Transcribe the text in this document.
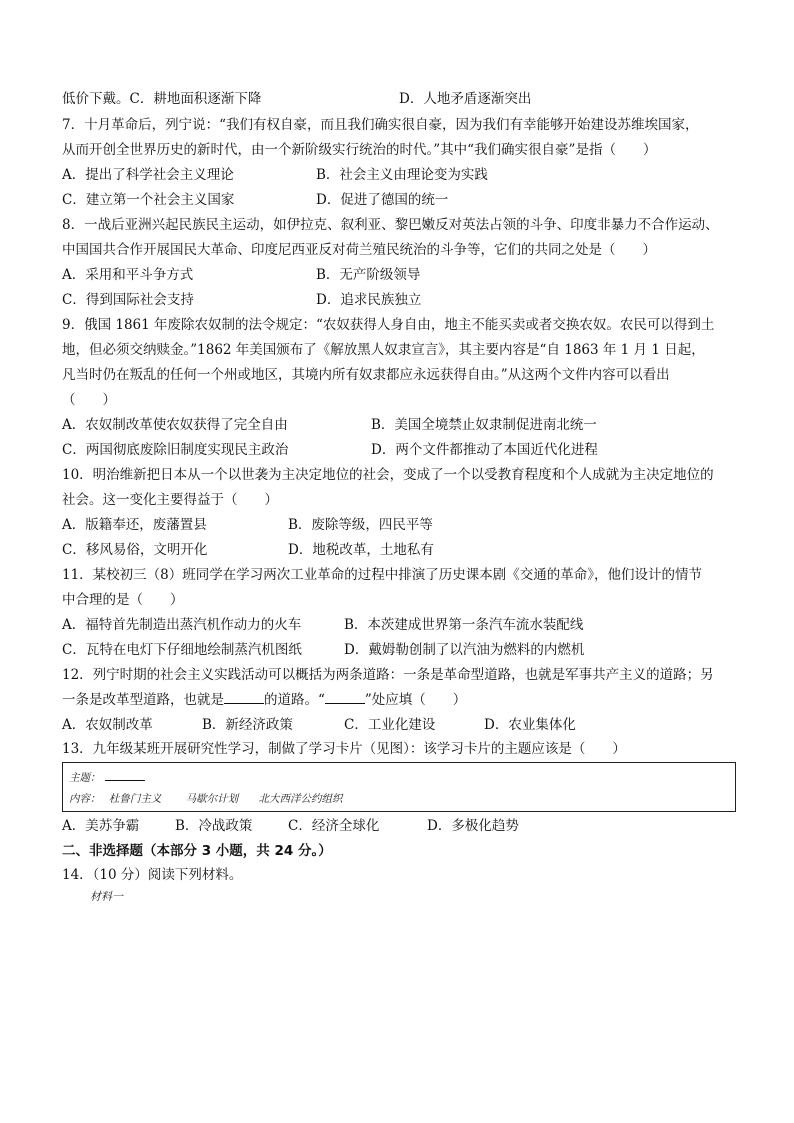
低价下戴。C．耕地面积逐渐下降	D．人地矛盾逐渐突出
7．十月革命后，列宁说：“我们有权自豪，而且我们确实很自豪，因为我们有幸能够开始建设苏维埃国家，
从而开创全世界历史的新时代，由一个新阶级实行统治的时代。”其中“我们确实很自豪”是指（　　）
A．提出了科学社会主义理论	B．社会主义由理论变为实践
C．建立第一个社会主义国家	D．促进了德国的统一
8．一战后亚洲兴起民族民主运动，如伊拉克、叙利亚、黎巴嫩反对英法占领的斗争、印度非暴力不合作运动、
中国国共合作开展国民大革命、印度尼西亚反对荷兰殖民统治的斗争等，它们的共同之处是（　　）
A．采用和平斗争方式	B．无产阶级领导
C．得到国际社会支持	D．追求民族独立
9．俄国 1861 年废除农奴制的法令规定：“农奴获得人身自由，地主不能买卖或者交换农奴。农民可以得到土
地，但必须交纳赎金。”1862 年美国颁布了《解放黑人奴隶宣言》，其主要内容是“自 1863 年 1 月 1 日起，
凡当时仍在叛乱的任何一个州或地区，其境内所有奴隶都应永远获得自由。”从这两个文件内容可以看出
（　　）
A．农奴制改革使农奴获得了完全自由	B．美国全境禁止奴隶制促进南北统一
C．两国彻底废除旧制度实现民主政治	D．两个文件都推动了本国近代化进程
10．明治维新把日本从一个以世袭为主决定地位的社会，变成了一个以受教育程度和个人成就为主决定地位的
社会。这一变化主要得益于（　　）
A．版籍奉还，废藩置县	B．废除等级，四民平等
C．移风易俗，文明开化	D．地税改革，土地私有
11．某校初三（8）班同学在学习两次工业革命的过程中排演了历史课本剧《交通的革命》，他们设计的情节
中合理的是（　　）
A．福特首先制造出蒸汽机作动力的火车	B．本茨建成世界第一条汽车流水装配线
C．瓦特在电灯下仔细地绘制蒸汽机图纸	D．戴姆勒创制了以汽油为燃料的内燃机
12．列宁时期的社会主义实践活动可以概括为两条道路：一条是革命型道路，也就是军事共产主义的道路；另
一条是改革型道路，也就是	的道路。“	”处应填（　　）
A．农奴制改革	B．新经济政策	C．工业化建设	D．农业集体化
13．九年级某班开展研究性学习，制做了学习卡片（见图）：该学习卡片的主题应该是（　　）
主题：
内容： 杜鲁门主义 马歇尔计划 北大西洋公约组织
A．美苏争霸	B．冷战政策	C．经济全球化	D．多极化趋势
二、非选择题（本部分 3 小题，共 24 分。）
14．（10 分）阅读下列材料。
材料一
